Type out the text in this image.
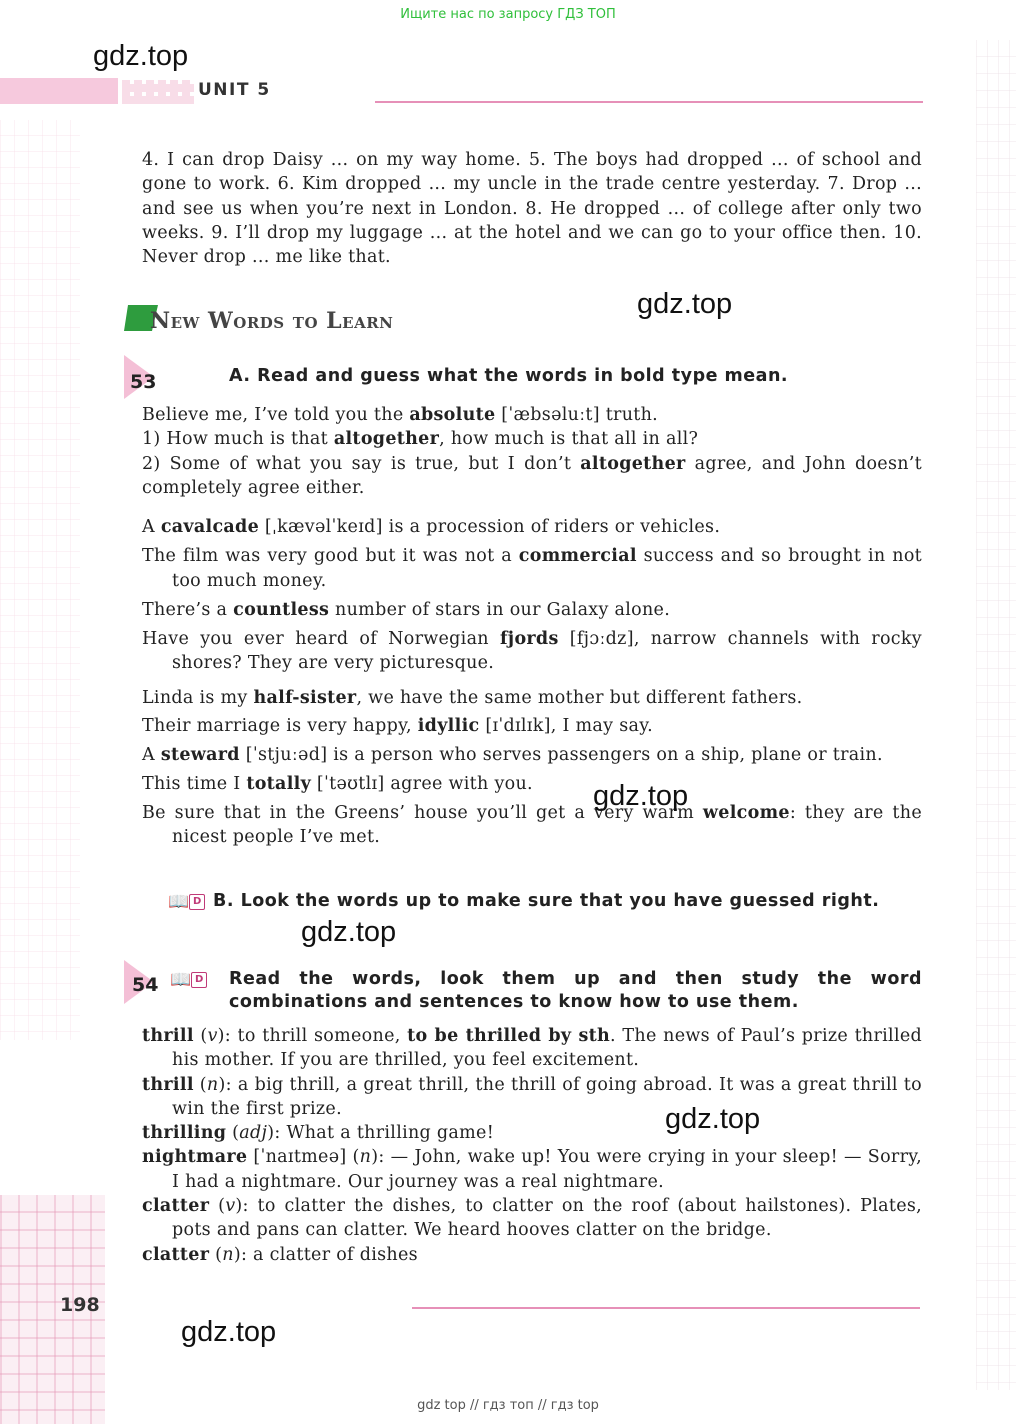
Ищите нас по запросу ГДЗ ТОП
gdz.top
UNIT 5
4. I can drop Daisy ... on my way home. 5. The boys had dropped ... of school and gone to work. 6. Kim dropped ... my uncle in the trade centre yesterday. 7. Drop ... and see us when you’re next in London. 8. He dropped ... of college after only two weeks. 9. I’ll drop my luggage ... at the hotel and we can go to your office then. 10. Never drop ... me like that.
New Words to Learn
gdz.top
53	A. Read and guess what the words in bold type mean.
Believe me, I’ve told you the absolute [ˈæbsəluːt] truth.
1) How much is that altogether, how much is that all in all?
2) Some of what you say is true, but I don’t altogether agree, and John doesn’t completely agree either.
A cavalcade [ˌkævəlˈkeɪd] is a procession of riders or vehicles.
The film was very good but it was not a commercial success and so brought in not too much money.
There’s a countless number of stars in our Galaxy alone.
Have you ever heard of Norwegian fjords [fjɔːdz], narrow channels with rocky shores? They are very picturesque.
Linda is my half-sister, we have the same mother but different fathers.
Their marriage is very happy, idyllic [ɪˈdɪlɪk], I may say.
A steward [ˈstjuːəd] is a person who serves passengers on a ship, plane or train.
This time I totally [ˈtəʊtlɪ] agree with you.
Be sure that in the Greens’ house you’ll get a very warm welcome: they are the nicest people I’ve met.
gdz.top
📖 D B. Look the words up to make sure that you have guessed right.
gdz.top
54 📖 D Read the words, look them up and then study the word combinations and sentences to know how to use them.
thrill (v): to thrill someone, to be thrilled by sth. The news of Paul’s prize thrilled his mother. If you are thrilled, you feel excitement.
thrill (n): a big thrill, a great thrill, the thrill of going abroad. It was a great thrill to win the first prize.
thrilling (adj): What a thrilling game!
nightmare [ˈnaɪtmeə] (n): — John, wake up! You were crying in your sleep! — Sorry, I had a nightmare. Our journey was a real nightmare.
clatter (v): to clatter the dishes, to clatter on the roof (about hailstones). Plates, pots and pans can clatter. We heard hooves clatter on the bridge.
clatter (n): a clatter of dishes
gdz.top
198
gdz.top
gdz top // гдз топ // гдз top
